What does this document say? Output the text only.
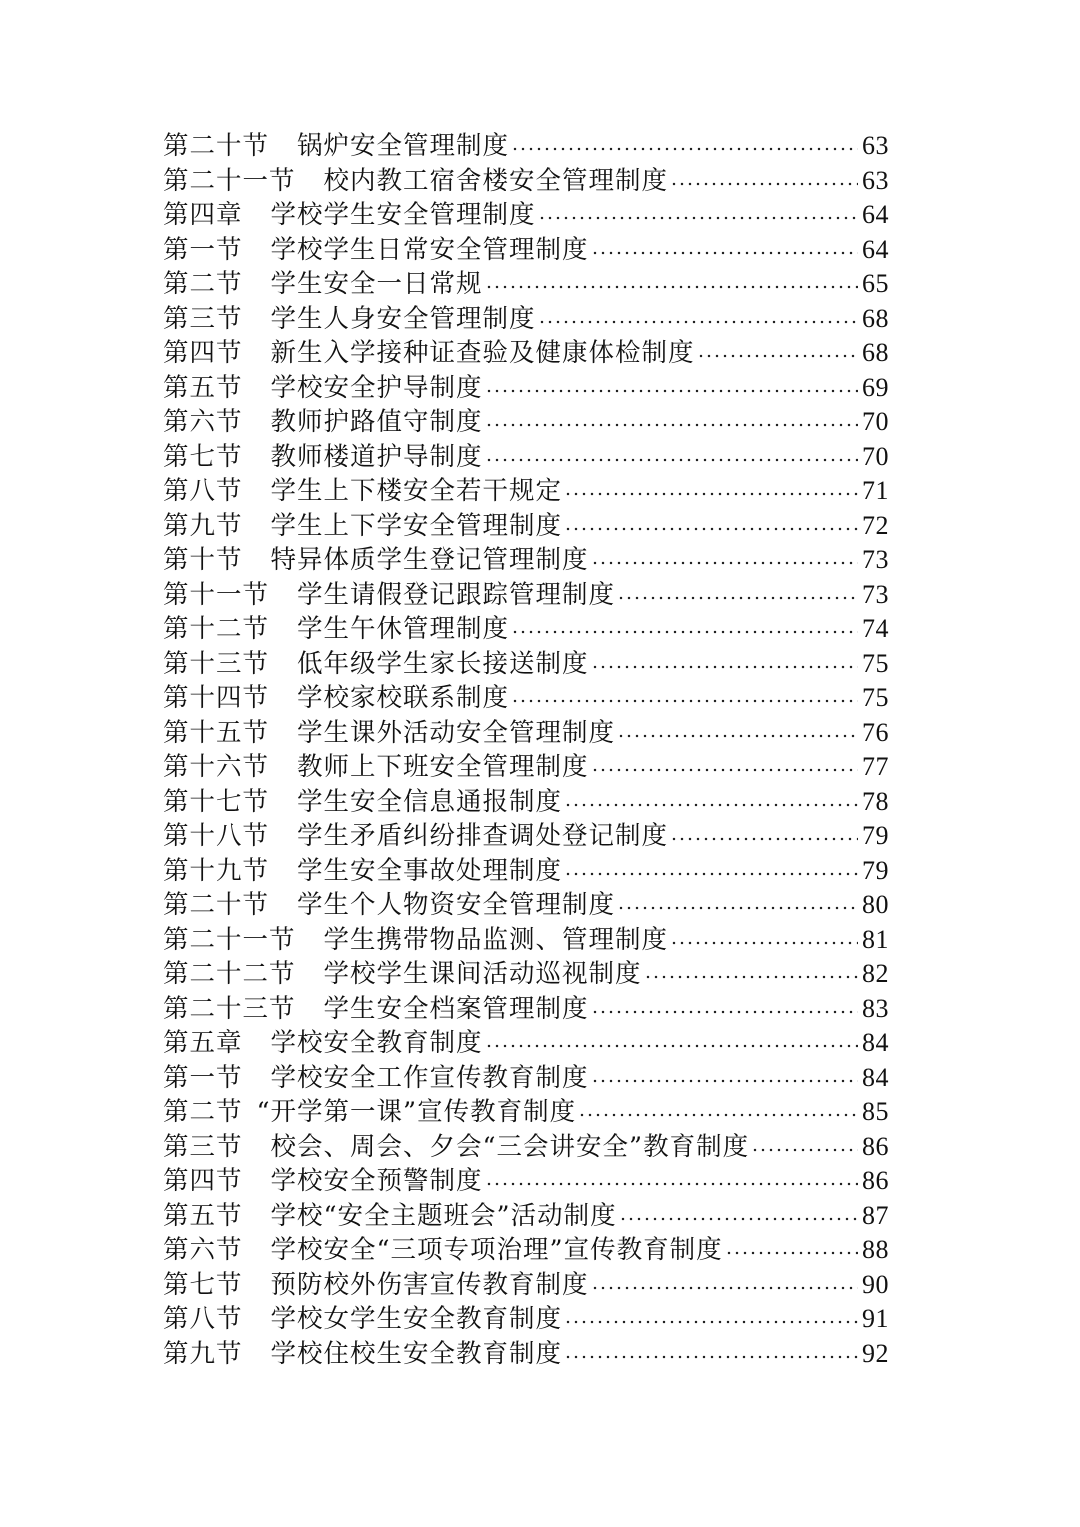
第二十节 锅炉安全管理制度	63
第二十一节 校内教工宿舍楼安全管理制度	63
第四章 学校学生安全管理制度	64
第一节 学校学生日常安全管理制度	64
第二节 学生安全一日常规	65
第三节 学生人身安全管理制度	68
第四节 新生入学接种证查验及健康体检制度	68
第五节 学校安全护导制度	69
第六节 教师护路值守制度	70
第七节 教师楼道护导制度	70
第八节 学生上下楼安全若干规定	71
第九节 学生上下学安全管理制度	72
第十节 特异体质学生登记管理制度	73
第十一节 学生请假登记跟踪管理制度	73
第十二节 学生午休管理制度	74
第十三节 低年级学生家长接送制度	75
第十四节 学校家校联系制度	75
第十五节 学生课外活动安全管理制度	76
第十六节 教师上下班安全管理制度	77
第十七节 学生安全信息通报制度	78
第十八节 学生矛盾纠纷排查调处登记制度	79
第十九节 学生安全事故处理制度	79
第二十节 学生个人物资安全管理制度	80
第二十一节 学生携带物品监测、管理制度	81
第二十二节 学校学生课间活动巡视制度	82
第二十三节 学生安全档案管理制度	83
第五章 学校安全教育制度	84
第一节 学校安全工作宣传教育制度	84
第二节 “开学第一课”宣传教育制度	85
第三节 校会、周会、夕会“三会讲安全”教育制度	86
第四节 学校安全预警制度	86
第五节 学校“安全主题班会”活动制度	87
第六节 学校安全“三项专项治理”宣传教育制度	88
第七节 预防校外伤害宣传教育制度	90
第八节 学校女学生安全教育制度	91
第九节 学校住校生安全教育制度	92
